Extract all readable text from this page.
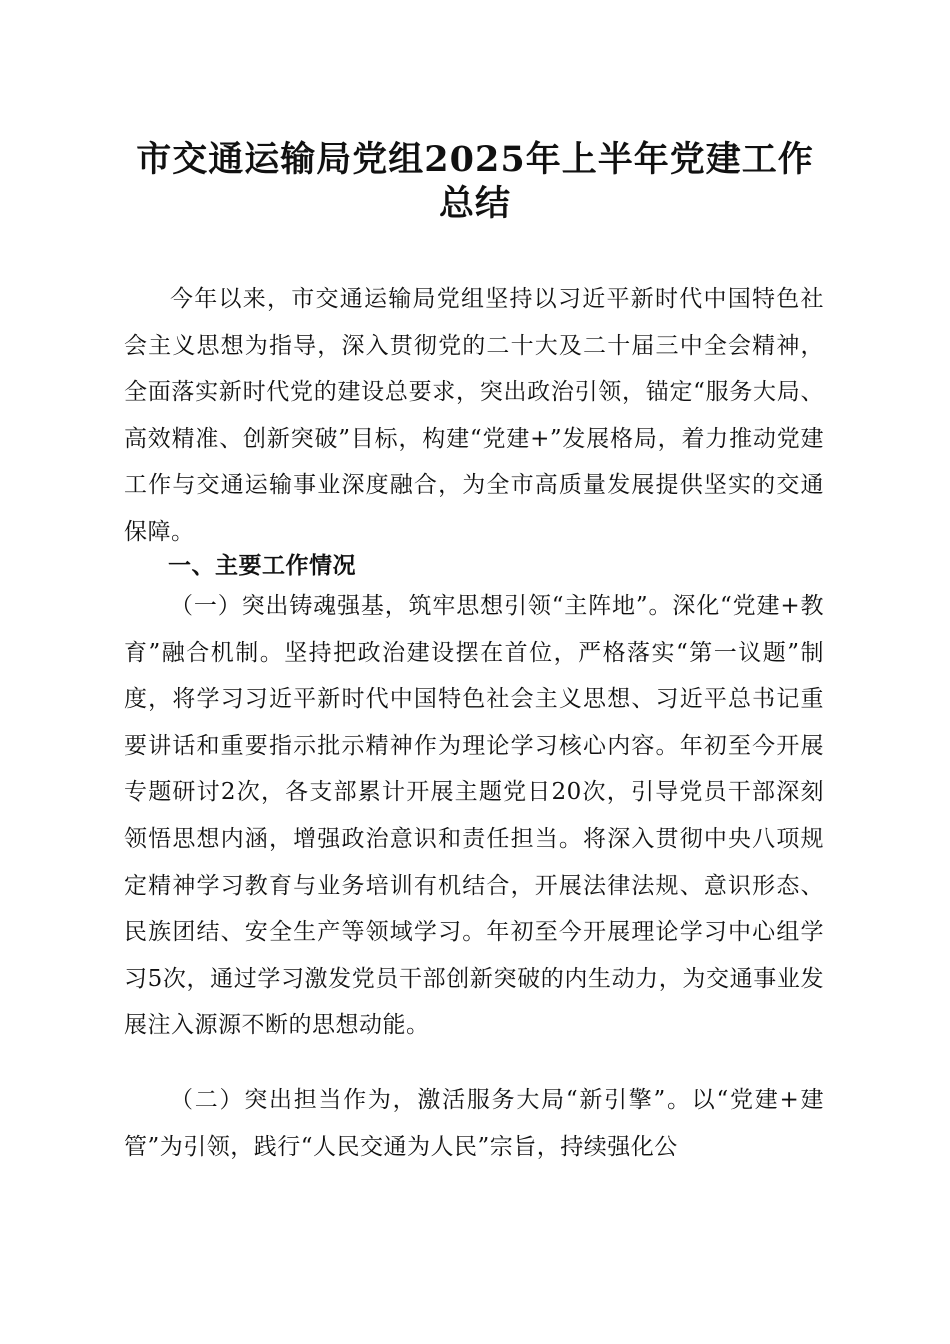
市交通运输局党组2025年上半年党建工作总结

今年以来，市交通运输局党组坚持以习近平新时代中国特色社会主义思想为指导，深入贯彻党的二十大及二十届三中全会精神，全面落实新时代党的建设总要求，突出政治引领，锚定“服务大局、高效精准、创新突破”目标，构建“党建+”发展格局，着力推动党建工作与交通运输事业深度融合，为全市高质量发展提供坚实的交通保障。

一、主要工作情况

（一）突出铸魂强基，筑牢思想引领“主阵地”。深化“党建+教育”融合机制。坚持把政治建设摆在首位，严格落实“第一议题”制度，将学习习近平新时代中国特色社会主义思想、习近平总书记重要讲话和重要指示批示精神作为理论学习核心内容。年初至今开展专题研讨2次，各支部累计开展主题党日20次，引导党员干部深刻领悟思想内涵，增强政治意识和责任担当。将深入贯彻中央八项规定精神学习教育与业务培训有机结合，开展法律法规、意识形态、民族团结、安全生产等领域学习。年初至今开展理论学习中心组学习5次，通过学习激发党员干部创新突破的内生动力，为交通事业发展注入源源不断的思想动能。

（二）突出担当作为，激活服务大局“新引擎”。以“党建+建管”为引领，践行“人民交通为人民”宗旨，持续强化公
